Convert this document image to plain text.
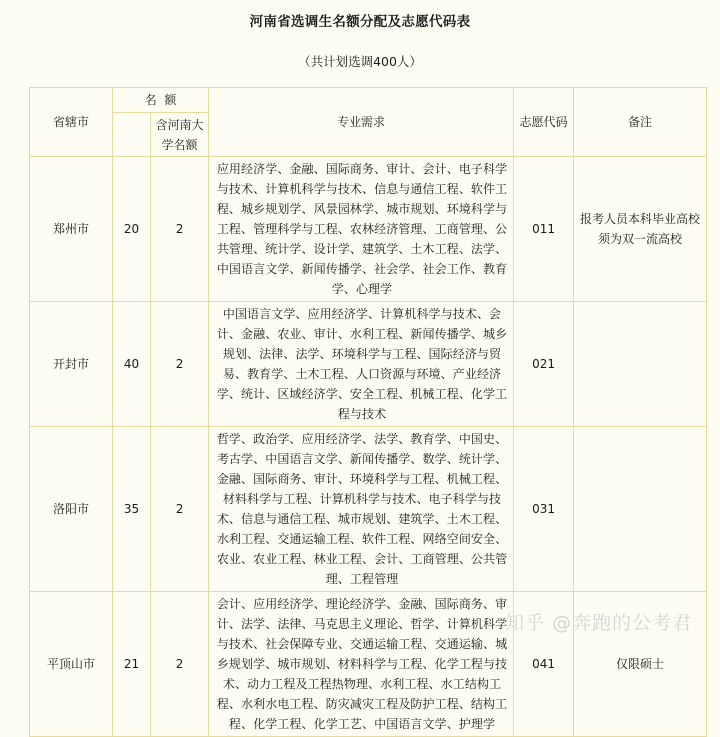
河南省选调生名额分配及志愿代码表
（共计划选调400人）
省辖市	名  额		专业需求	志愿代码	备注
		含河南大学名额			
郑州市	20	2	应用经济学、金融、国际商务、审计、会计、电子科学与技术、计算机科学与技术、信息与通信工程、软件工程、城乡规划学、风景园林学、城市规划、环境科学与工程、管理科学与工程、农林经济管理、工商管理、公共管理、统计学、设计学、建筑学、土木工程、法学、中国语言文学、新闻传播学、社会学、社会工作、教育学、心理学	011	报考人员本科毕业高校须为双一流高校
开封市	40	2	中国语言文学、应用经济学、计算机科学与技术、会计、金融、农业、审计、水利工程、新闻传播学、城乡规划、法律、法学、环境科学与工程、国际经济与贸易、教育学、土木工程、人口资源与环境、产业经济学、统计、区域经济学、安全工程、机械工程、化学工程与技术	021	
洛阳市	35	2	哲学、政治学、应用经济学、法学、教育学、中国史、考古学、中国语言文学、新闻传播学、数学、统计学、金融、国际商务、审计、环境科学与工程、机械工程、材料科学与工程、计算机科学与技术、电子科学与技术、信息与通信工程、城市规划、建筑学、土木工程、水利工程、交通运输工程、软件工程、网络空间安全、农业、农业工程、林业工程、会计、工商管理、公共管理、工程管理	031	
平顶山市	21	2	会计、应用经济学、理论经济学、金融、国际商务、审计、法学、法律、马克思主义理论、哲学、计算机科学与技术、社会保障专业、交通运输工程、交通运输、城乡规划学、城市规划、材料科学与工程、化学工程与技术、动力工程及工程热物理、水利工程、水工结构工程、水利水电工程、防灾减灾工程及防护工程、结构工程、化学工程、化学工艺、中国语言文学、护理学	041	仅限硕士
知乎 @奔跑的公考君
